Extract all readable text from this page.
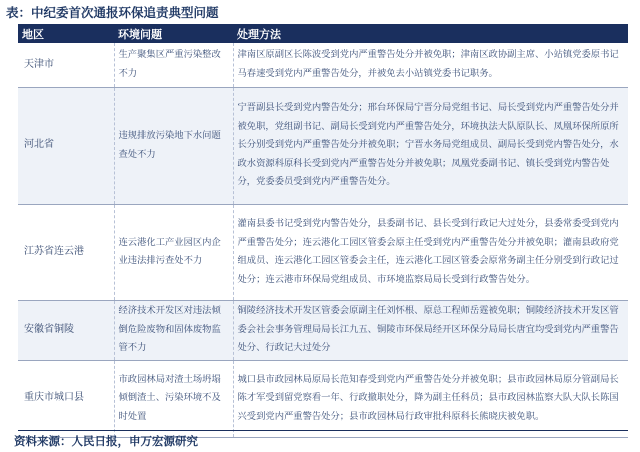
表：中纪委首次通报环保追责典型问题
地区	环境问题	处理方法
天津市	生产聚集区严重污染整改不力	津南区原副区长陈波受到党内严重警告处分并被免职；津南区政协副主席、小站镇党委原书记马春速受到党内严重警告处分，并被免去小站镇党委书记职务。
河北省	违规排放污染地下水问题查处不力	宁晋副县长受到党内警告处分；邢台环保局宁晋分局党组书记、局长受到党内严重警告处分并被免职，党组副书记、副局长受到党内严重警告处分，环境执法大队原队长、凤凰环保所原所长分别受到党内严重警告处分并被免职；宁晋水务局党组成员、副局长受到党内警告处分，水政水资源科原科长受到党内严重警告处分并被免职；凤凰党委副书记、镇长受到党内警告处分，党委委员受到党内严重警告处分。
江苏省连云港	连云港化工产业园区内企业违法排污查处不力	灌南县委书记受到党内警告处分，县委副书记、县长受到行政记大过处分，县委常委受到党内严重警告处分；连云港化工园区管委会原主任受到党内严重警告处分并被免职；灌南县政府党组成员、连云港化工园区管委会主任，连云港化工园区管委会原常务副主任分别受到行政记过处分；连云港市环保局党组成员、市环境监察局局长受到行政警告处分。
安徽省铜陵	经济技术开发区对违法倾倒危险废物和固体废物监管不力	铜陵经济技术开发区管委会原副主任刘怀根、原总工程师岳霆被免职；铜陵经济技术开发区管委会社会事务管理局局长江九五、铜陵市环保局经开区环保分局局长唐宜均受到党内严重警告处分、行政记大过处分
重庆市城口县	市政园林局对渣土场坍塌倾倒渣土、污染环境不及时处置	城口县市政园林局原局长范知春受到党内严重警告处分并被免职；县市政园林局原分管副局长陈才军受到留党察看一年、行政撤职处分，降为副主任科员；县市政园林监察大队大队长陈国兴受到党内严重警告处分；县市政园林局行政审批科原科长熊晓庆被免职。
资料来源：人民日报，申万宏源研究
